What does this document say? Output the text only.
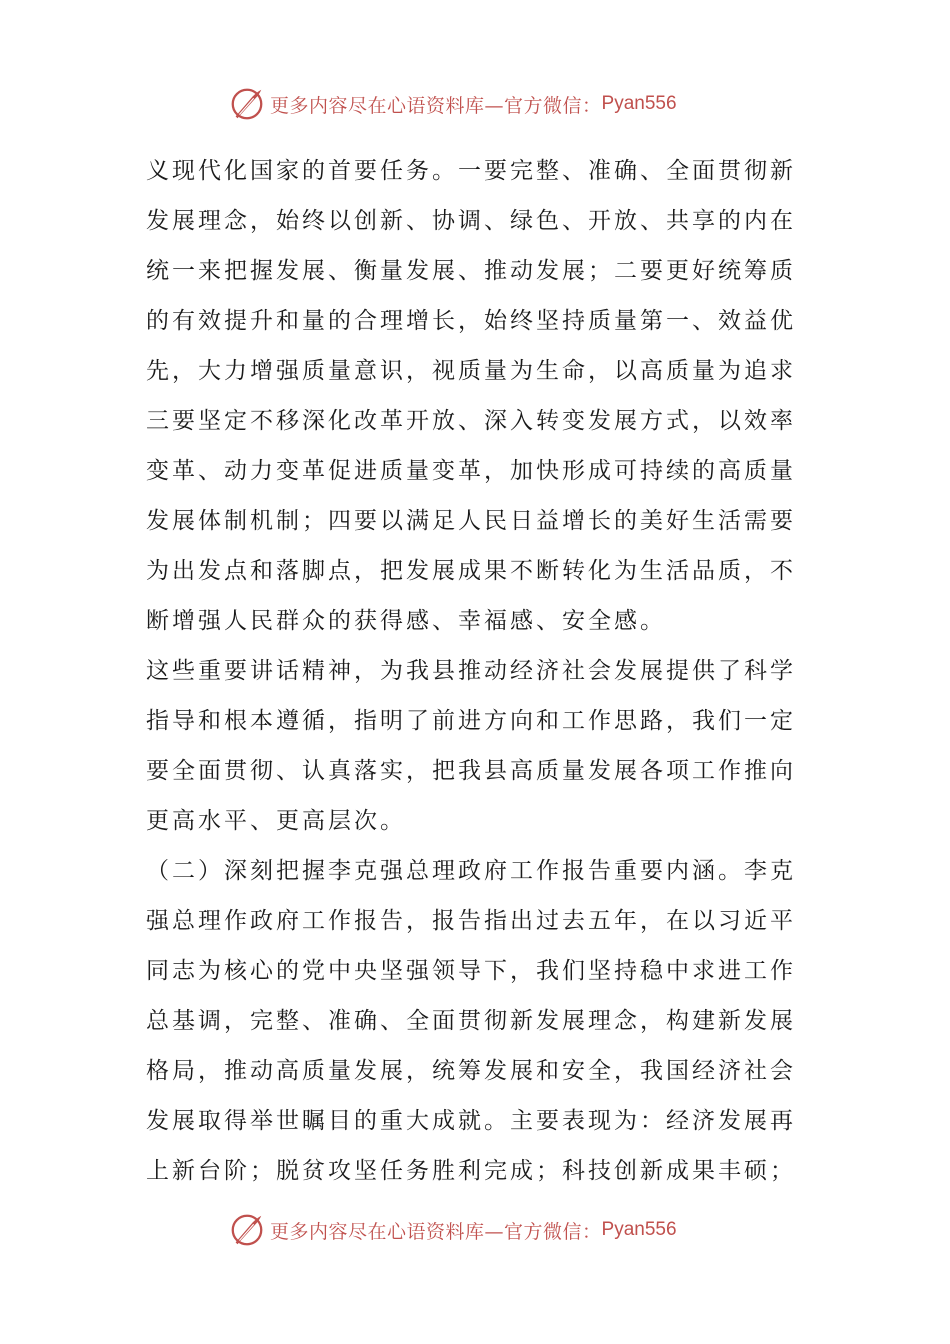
更多内容尽在心语资料库—官方微信： Pyan556
义现代化国家的首要任务。一要完整、准确、全面贯彻新
发展理念，始终以创新、协调、绿色、开放、共享的内在
统一来把握发展、衡量发展、推动发展；二要更好统筹质
的有效提升和量的合理增长，始终坚持质量第一、效益优
先，大力增强质量意识，视质量为生命，以高质量为追求
三要坚定不移深化改革开放、深入转变发展方式，以效率
变革、动力变革促进质量变革，加快形成可持续的高质量
发展体制机制；四要以满足人民日益增长的美好生活需要
为出发点和落脚点，把发展成果不断转化为生活品质，不
断增强人民群众的获得感、幸福感、安全感。
这些重要讲话精神，为我县推动经济社会发展提供了科学
指导和根本遵循，指明了前进方向和工作思路，我们一定
要全面贯彻、认真落实，把我县高质量发展各项工作推向
更高水平、更高层次。
（二）深刻把握李克强总理政府工作报告重要内涵。李克
强总理作政府工作报告，报告指出过去五年，在以习近平
同志为核心的党中央坚强领导下，我们坚持稳中求进工作
总基调，完整、准确、全面贯彻新发展理念，构建新发展
格局，推动高质量发展，统筹发展和安全，我国经济社会
发展取得举世瞩目的重大成就。主要表现为：经济发展再
上新台阶；脱贫攻坚任务胜利完成；科技创新成果丰硕；
更多内容尽在心语资料库—官方微信： Pyan556
